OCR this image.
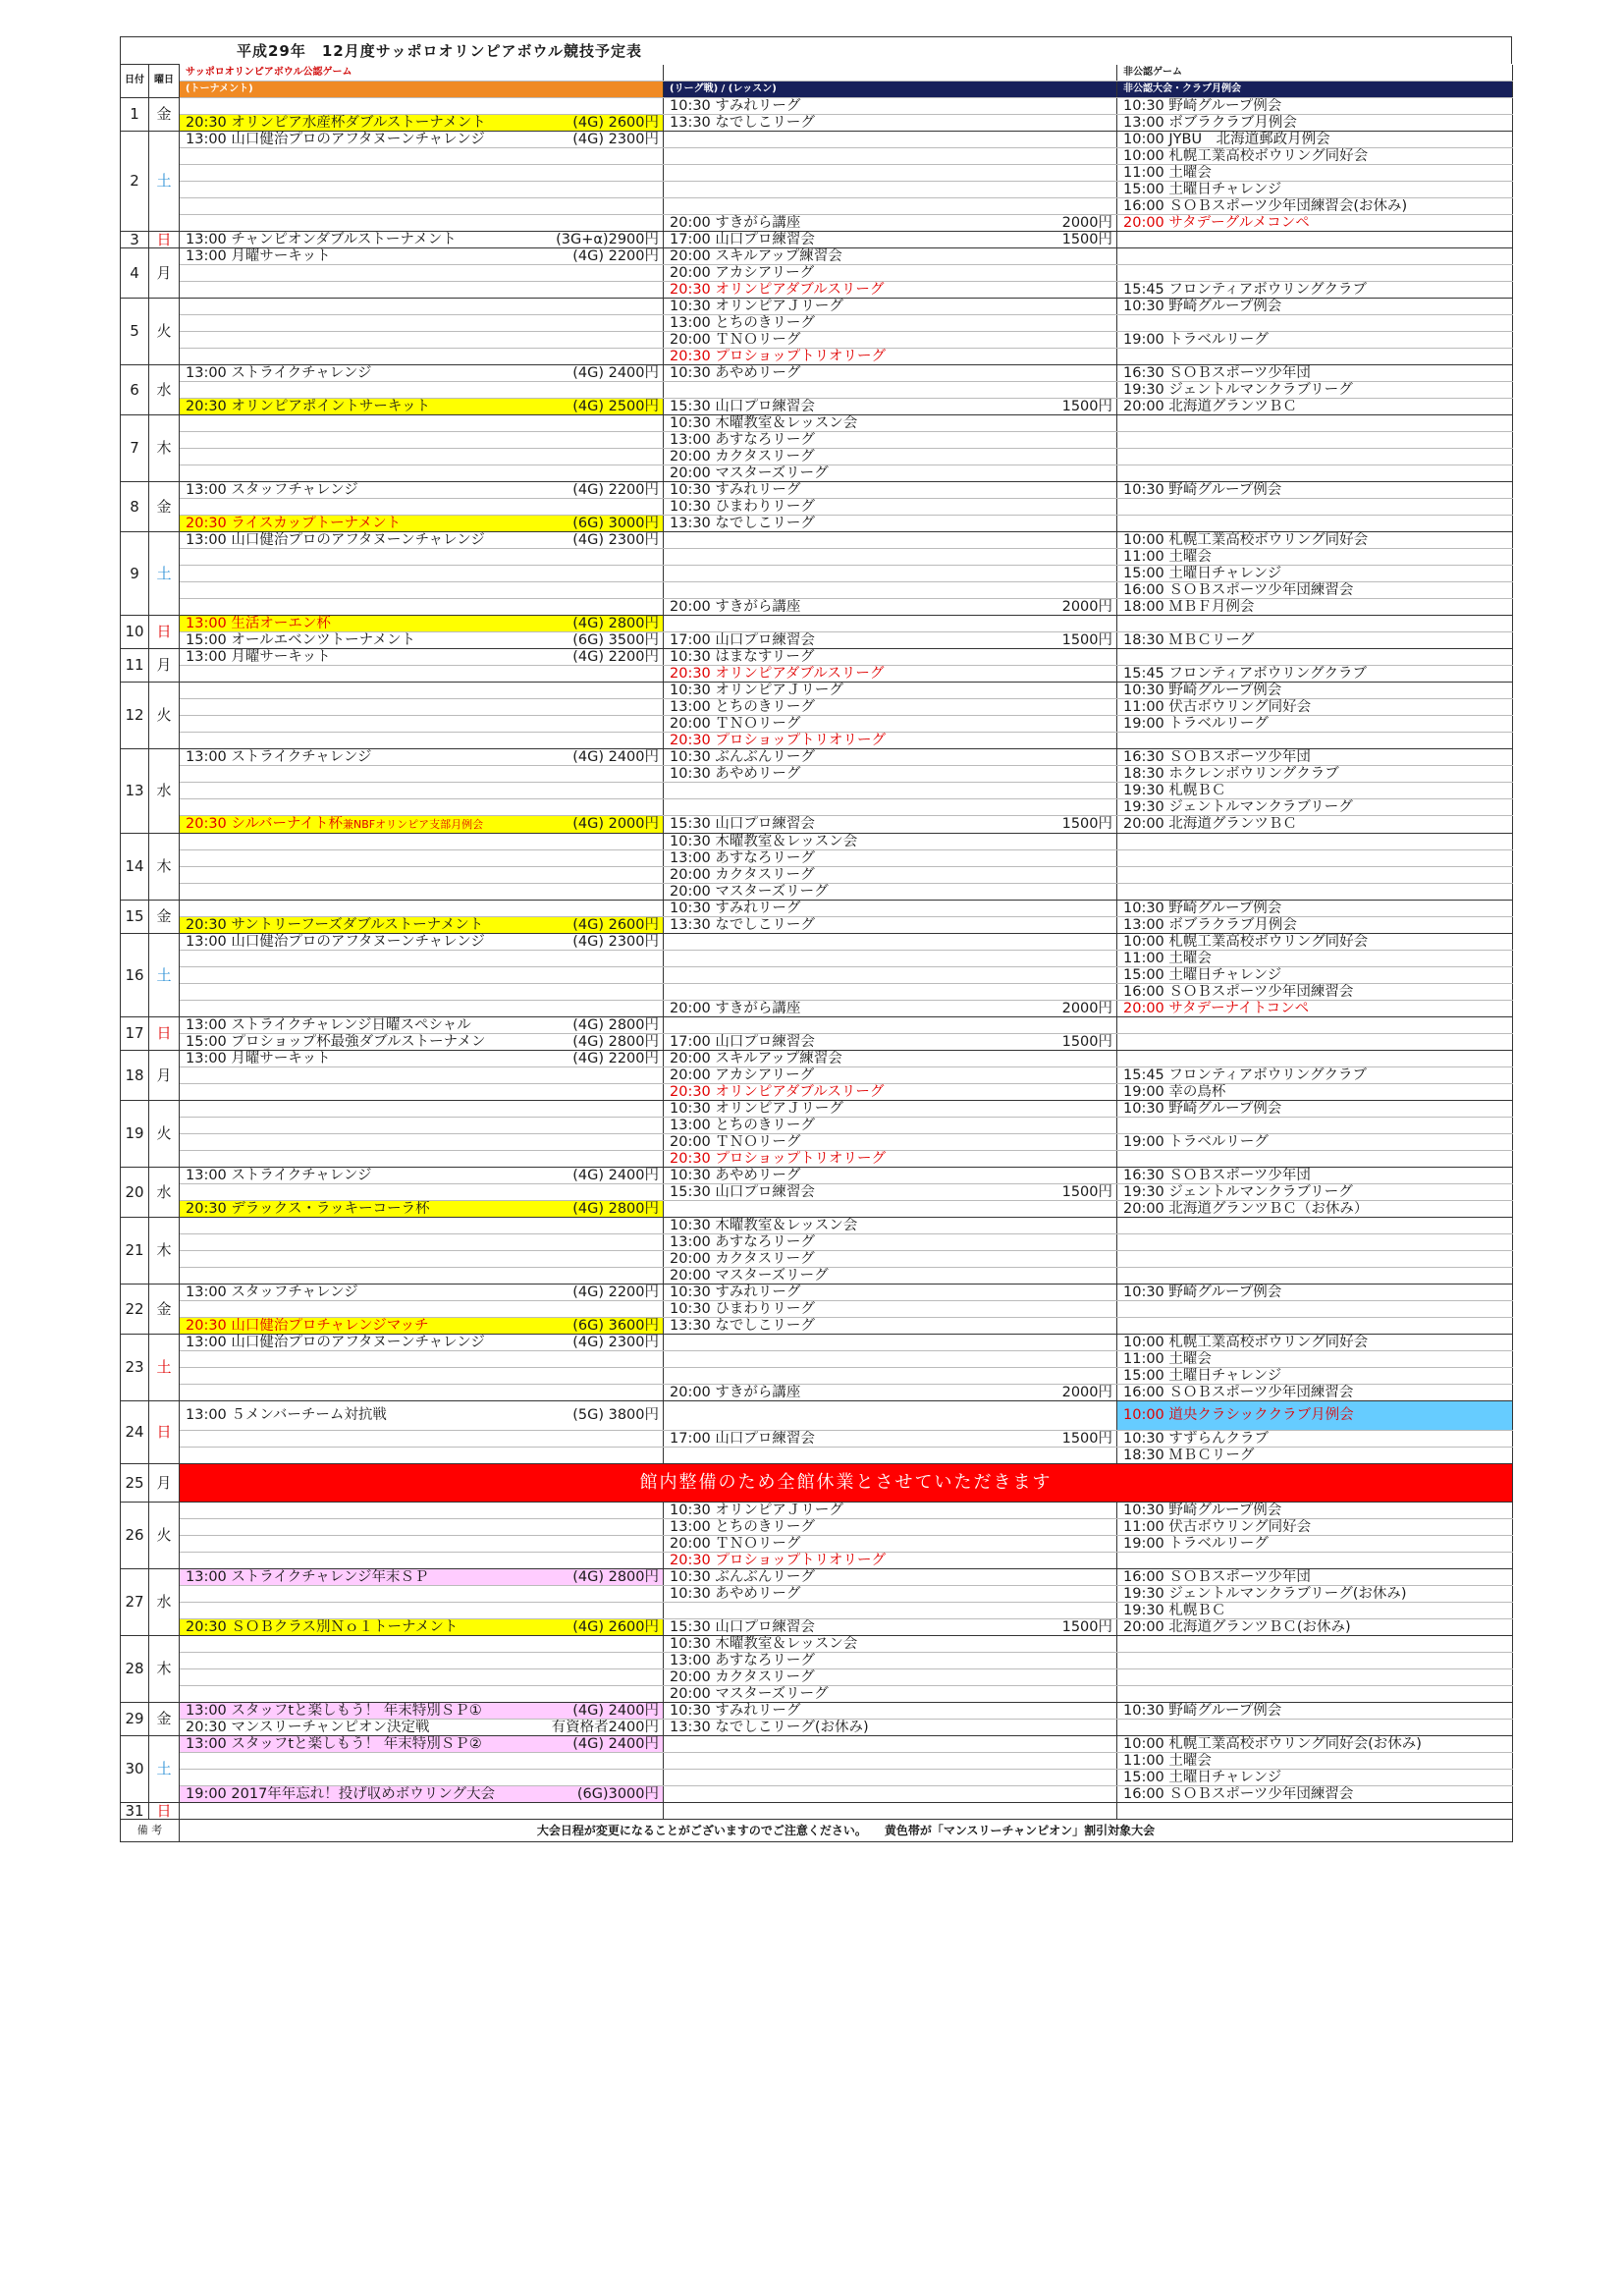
平成29年　12月度サッポロオリンピアボウル競技予定表
日付	曜日	サッポロオリンピアボウル公認ゲーム		非公認ゲーム
		(トーナメント)	(リーグ戦) / (レッスン)	非公認大会・クラブ月例会
1	金		10:30 すみれリーグ	10:30 野崎グループ例会
		20:30 オリンピア水産杯ダブルストーナメント (4G) 2600円	13:30 なでしこリーグ	13:00 ボブラクラブ月例会
2	土	13:00 山口健治プロのアフタヌーンチャレンジ (4G) 2300円		10:00 JYBU　北海道郵政月例会
				10:00 札幌工業高校ボウリング同好会
				11:00 土曜会
				15:00 土曜日チャレンジ
				16:00 ＳＯＢスポーツ少年団練習会(お休み)
			20:00 すきがら講座 2000円	20:00 サタデーグルメコンペ
3	日	13:00 チャンピオンダブルストーナメント (3G+α)2900円	17:00 山口プロ練習会 1500円	

4	月	13:00 月曜サーキット (4G) 2200円	20:00 スキルアップ練習会	
			20:00 アカシアリーグ	
			20:30 オリンピアダブルスリーグ	15:45 フロンティアボウリングクラブ
5	火		10:30 オリンピアＪリーグ	10:30 野崎グループ例会
			13:00 とちのきリーグ	
			20:00 ＴＮＯリーグ	19:00 トラベルリーグ
			20:30 プロショップトリオリーグ	
6	水	13:00 ストライクチャレンジ (4G) 2400円	10:30 あやめリーグ	16:30 ＳＯＢスポーツ少年団
				19:30 ジェントルマンクラブリーグ
		20:30 オリンピアポイントサーキット (4G) 2500円	15:30 山口プロ練習会 1500円	20:00 北海道グランツＢＣ
7	木		10:30 木曜教室＆レッスン会	
			13:00 あすなろリーグ	
			20:00 カクタスリーグ	
			20:00 マスターズリーグ	
8	金	13:00 スタッフチャレンジ (4G) 2200円	10:30 すみれリーグ	10:30 野崎グループ例会
			10:30 ひまわりリーグ	
		20:30 ライスカップトーナメント (6G) 3000円	13:30 なでしこリーグ	
9	土	13:00 山口健治プロのアフタヌーンチャレンジ (4G) 2300円		10:00 札幌工業高校ボウリング同好会
				11:00 土曜会
				15:00 土曜日チャレンジ
				16:00 ＳＯＢスポーツ少年団練習会
			20:00 すきがら講座 2000円	18:00 ＭＢＦ月例会
10	日	13:00 生活オーエン杯 (4G) 2800円		

		15:00 オールエベンツトーナメント (6G) 3500円	17:00 山口プロ練習会 1500円	18:30 ＭＢＣリーグ
11	月	13:00 月曜サーキット (4G) 2200円	10:30 はまなすリーグ	
			20:30 オリンピアダブルスリーグ	15:45 フロンティアボウリングクラブ
12	火		10:30 オリンピアＪリーグ	10:30 野崎グループ例会
			13:00 とちのきリーグ	11:00 伏古ボウリング同好会
			20:00 ＴＮＯリーグ	19:00 トラベルリーグ
			20:30 プロショップトリオリーグ	
13	水	13:00 ストライクチャレンジ (4G) 2400円	10:30 ぶんぶんリーグ	16:30 ＳＯＢスポーツ少年団
			10:30 あやめリーグ	18:30 ホクレンボウリングクラブ
				19:30 札幌ＢＣ
				19:30 ジェントルマンクラブリーグ
		20:30 シルバーナイト杯兼NBFオリンピア支部月例会 (4G) 2000円	15:30 山口プロ練習会 1500円	20:00 北海道グランツＢＣ
14	木		10:30 木曜教室＆レッスン会	
			13:00 あすなろリーグ	
			20:00 カクタスリーグ	
			20:00 マスターズリーグ	
15	金		10:30 すみれリーグ	10:30 野崎グループ例会
		20:30 サントリーフーズダブルストーナメント (4G) 2600円	13:30 なでしこリーグ	13:00 ボブラクラブ月例会
16	土	13:00 山口健治プロのアフタヌーンチャレンジ (4G) 2300円		10:00 札幌工業高校ボウリング同好会
				11:00 土曜会
				15:00 土曜日チャレンジ
				16:00 ＳＯＢスポーツ少年団練習会
			20:00 すきがら講座 2000円	20:00 サタデーナイトコンペ
17	日	13:00 ストライクチャレンジ日曜スペシャル (4G) 2800円		

		15:00 プロショップ杯最強ダブルストーナメン (4G) 2800円	17:00 山口プロ練習会 1500円	

18	月	13:00 月曜サーキット (4G) 2200円	20:00 スキルアップ練習会	
			20:00 アカシアリーグ	15:45 フロンティアボウリングクラブ
			20:30 オリンピアダブルスリーグ	19:00 幸の鳥杯
19	火		10:30 オリンピアＪリーグ	10:30 野崎グループ例会
			13:00 とちのきリーグ	
			20:00 ＴＮＯリーグ	19:00 トラベルリーグ
			20:30 プロショップトリオリーグ	
20	水	13:00 ストライクチャレンジ (4G) 2400円	10:30 あやめリーグ	16:30 ＳＯＢスポーツ少年団
			15:30 山口プロ練習会 1500円	19:30 ジェントルマンクラブリーグ
		20:30 デラックス・ラッキーコーラ杯 (4G) 2800円		20:00 北海道グランツＢＣ（お休み）
21	木		10:30 木曜教室＆レッスン会	
			13:00 あすなろリーグ	
			20:00 カクタスリーグ	
			20:00 マスターズリーグ	
22	金	13:00 スタッフチャレンジ (4G) 2200円	10:30 すみれリーグ	10:30 野崎グループ例会
			10:30 ひまわりリーグ	
		20:30 山口健治プロチャレンジマッチ (6G) 3600円	13:30 なでしこリーグ	
23	土	13:00 山口健治プロのアフタヌーンチャレンジ (4G) 2300円		10:00 札幌工業高校ボウリング同好会
				11:00 土曜会
				15:00 土曜日チャレンジ
			20:00 すきがら講座 2000円	16:00 ＳＯＢスポーツ少年団練習会
24	日	13:00 ５メンバーチーム対抗戦 (5G) 3800円		10:00 道央クラシッククラブ月例会
			17:00 山口プロ練習会 1500円	10:30 すずらんクラブ
				18:30 ＭＢＣリーグ
25	月	館内整備のため全館休業とさせていただきます		
26	火		10:30 オリンピアＪリーグ	10:30 野崎グループ例会
			13:00 とちのきリーグ	11:00 伏古ボウリング同好会
			20:00 ＴＮＯリーグ	19:00 トラベルリーグ
			20:30 プロショップトリオリーグ	
27	水	13:00 ストライクチャレンジ年末ＳＰ (4G) 2800円	10:30 ぶんぶんリーグ	16:00 ＳＯＢスポーツ少年団
			10:30 あやめリーグ	19:30 ジェントルマンクラブリーグ(お休み)
				19:30 札幌ＢＣ
		20:30 ＳＯＢクラス別Ｎｏ１トーナメント (4G) 2600円	15:30 山口プロ練習会 1500円	20:00 北海道グランツＢＣ(お休み)
28	木		10:30 木曜教室＆レッスン会	
			13:00 あすなろリーグ	
			20:00 カクタスリーグ	
			20:00 マスターズリーグ	
29	金	13:00 スタッフtと楽しもう！ 年末特別ＳＰ① (4G) 2400円	10:30 すみれリーグ	10:30 野崎グループ例会
		20:30 マンスリーチャンピオン決定戦 有資格者2400円	13:30 なでしこリーグ(お休み)	
30	土	13:00 スタッフtと楽しもう！ 年末特別ＳＰ② (4G) 2400円		10:00 札幌工業高校ボウリング同好会(お休み)
				11:00 土曜会
				15:00 土曜日チャレンジ
		19:00 2017年年忘れ！投げ収めボウリング大会 (6G)3000円		16:00 ＳＯＢスポーツ少年団練習会
31	日			
備 考		大会日程が変更になることがございますのでご注意ください。　　黄色帯が「マンスリーチャンピオン」割引対象大会		
